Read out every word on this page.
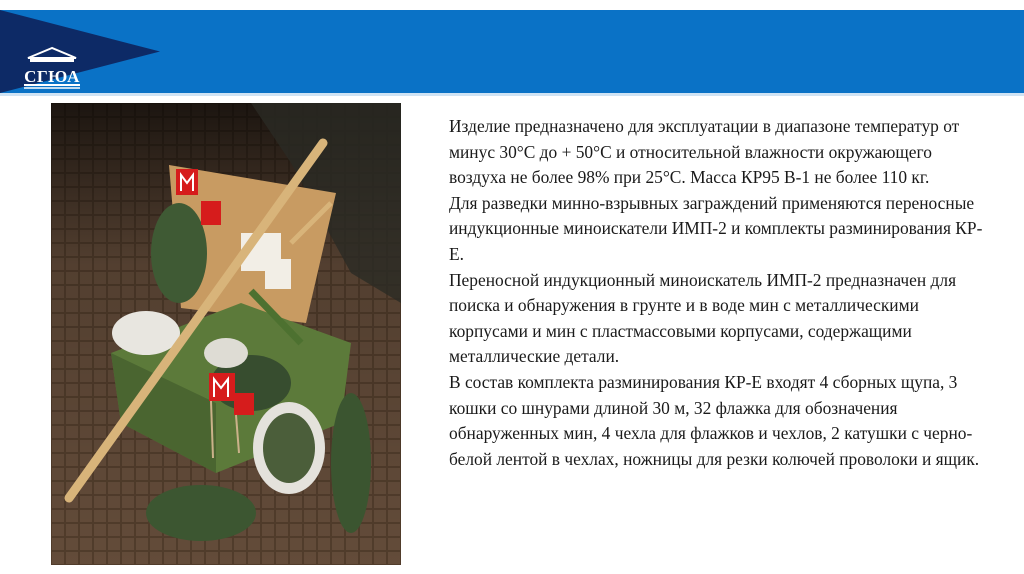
СГЮА

Изделие предназначено для эксплуатации в диапазоне температур от минус 30°С до + 50°С и относительной влажности окружающего воздуха не более 98% при 25°С. Масса КР95 В-1 не более 110 кг.

Для разведки минно-взрывных заграждений применяются переносные индукционные миноискатели ИМП-2 и комплекты разминирования КР-Е.

Переносной индукционный миноискатель ИМП-2 предназначен для поиска и обнаружения в грунте и в воде мин с металлическими корпусами и мин с пластмассовыми корпусами, содержащими металлические детали.

В состав комплекта разминирования КР-Е входят 4 сборных щупа, 3 кошки со шнурами длиной 30 м, 32 флажка для обозначения обнаруженных мин, 4 чехла для флажков и чехлов, 2 катушки с черно-белой лентой в чехлах, ножницы для резки колючей проволоки и ящик.
